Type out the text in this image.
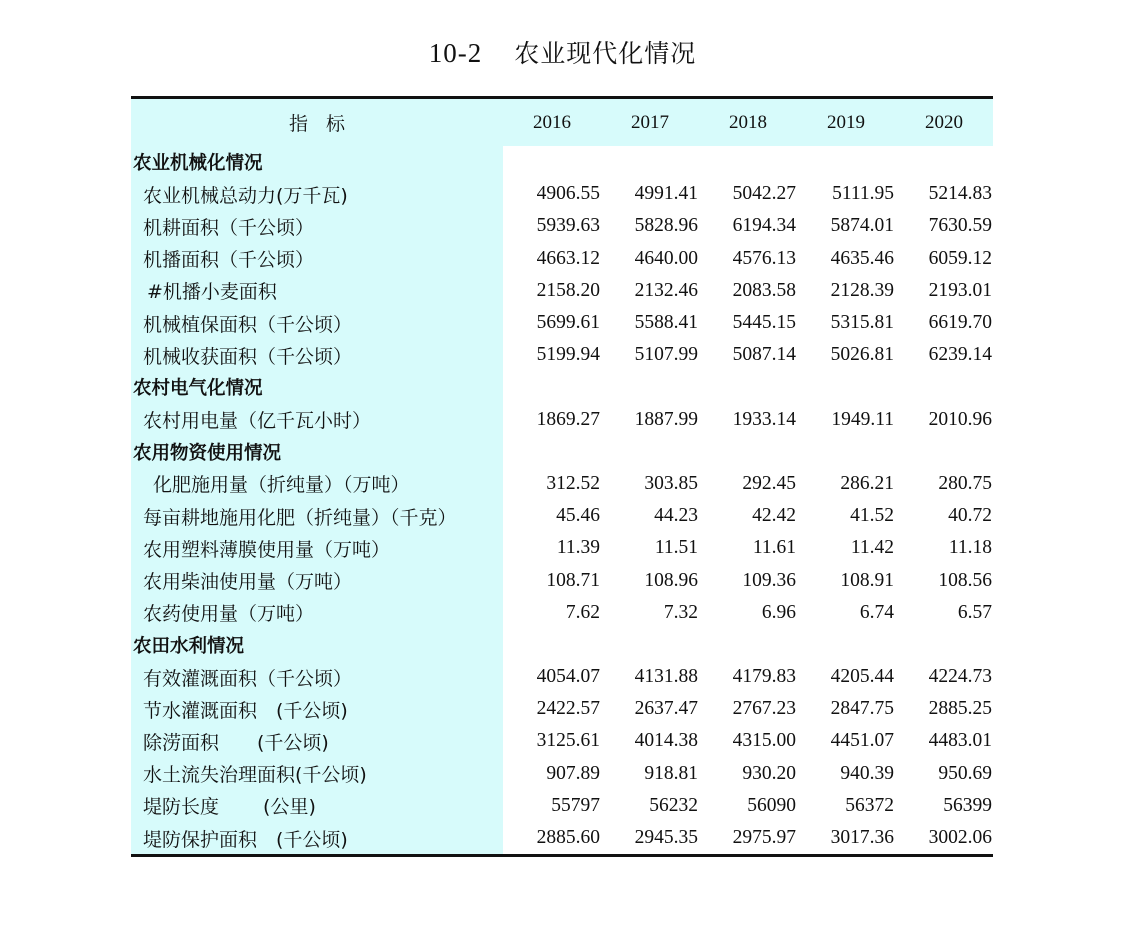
10-2 农业现代化情况
指标	2016	2017	2018	2019	2020
农业机械化情况
农业机械总动力(万千瓦)	4906.55	4991.41	5042.27	5111.95	5214.83
机耕面积（千公顷）	5939.63	5828.96	6194.34	5874.01	7630.59
机播面积（千公顷）	4663.12	4640.00	4576.13	4635.46	6059.12
#机播小麦面积	2158.20	2132.46	2083.58	2128.39	2193.01
机械植保面积（千公顷）	5699.61	5588.41	5445.15	5315.81	6619.70
机械收获面积（千公顷）	5199.94	5107.99	5087.14	5026.81	6239.14
农村电气化情况
农村用电量（亿千瓦小时）	1869.27	1887.99	1933.14	1949.11	2010.96
农用物资使用情况
化肥施用量（折纯量）（万吨）	312.52	303.85	292.45	286.21	280.75
每亩耕地施用化肥（折纯量）（千克）	45.46	44.23	42.42	41.52	40.72
农用塑料薄膜使用量（万吨）	11.39	11.51	11.61	11.42	11.18
农用柴油使用量（万吨）	108.71	108.96	109.36	108.91	108.56
农药使用量（万吨）	7.62	7.32	6.96	6.74	6.57
农田水利情况
有效灌溉面积（千公顷）	4054.07	4131.88	4179.83	4205.44	4224.73
节水灌溉面积　(千公顷)	2422.57	2637.47	2767.23	2847.75	2885.25
除涝面积　　(千公顷)	3125.61	4014.38	4315.00	4451.07	4483.01
水土流失治理面积(千公顷)	907.89	918.81	930.20	940.39	950.69
堤防长度　　 (公里)	55797	56232	56090	56372	56399
堤防保护面积　(千公顷)	2885.60	2945.35	2975.97	3017.36	3002.06
